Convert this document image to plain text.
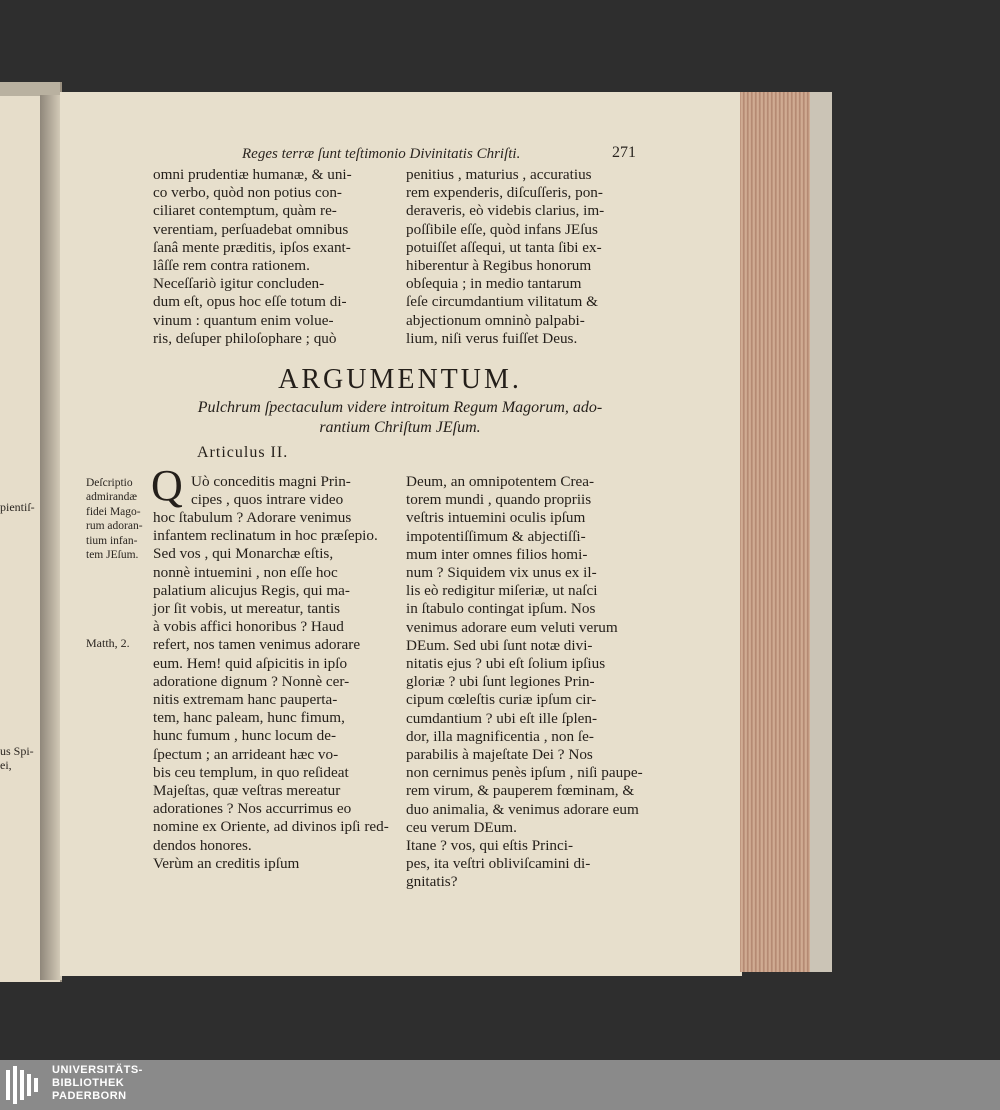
pientiſ-
us Spi-
ei,
Reges terræ ſunt teſtimonio Divinitatis Chriſti.	271
omni prudentiæ humanæ, & uni-
co verbo, quòd non potius con-
ciliaret contemptum, quàm re-
verentiam, perſuadebat omnibus
ſanâ mente præditis, ipſos exant-
lâſſe rem contra rationem.
Neceſſariò igitur concluden-
dum eſt, opus hoc eſſe totum di-
vinum : quantum enim volue-
ris, deſuper philoſophare ; quò
penitius , maturius , accuratius
rem expenderis, diſcuſſeris, pon-
deraveris, eò videbis clarius, im-
poſſibile eſſe, quòd infans JEſus
potuiſſet aſſequi, ut tanta ſibi ex-
hiberentur à Regibus honorum
obſequia ; in medio tantarum
ſeſe circumdantium vilitatum &
abjectionum omninò palpabi-
lium, niſi verus fuiſſet Deus.
ARGUMENTUM.
Pulchrum ſpectaculum videre introitum Regum Magorum, ado-
rantium Chriſtum JEſum.
Articulus II.
Deſcriptio
admirandæ
fidei Mago-
rum adoran-
tium infan-
tem JEſum.
Matth, 2.
Q Uò conceditis magni Prin-
cipes , quos intrare video
hoc ſtabulum ? Adorare venimus
infantem reclinatum in hoc præſepio.
Sed vos , qui Monarchæ eſtis,
nonnè intuemini , non eſſe hoc
palatium alicujus Regis, qui ma-
jor ſit vobis, ut mereatur, tantis
à vobis affici honoribus ? Haud
refert, nos tamen venimus adorare
eum. Hem! quid aſpicitis in ipſo
adoratione dignum ? Nonnè cer-
nitis extremam hanc pauperta-
tem, hanc paleam, hunc fimum,
hunc fumum , hunc locum de-
ſpectum ; an arrideant hæc vo-
bis ceu templum, in quo reſideat
Majeſtas, quæ veſtras mereatur
adorationes ? Nos accurrimus eo
nomine ex Oriente, ad divinos ipſi red-
dendos honores.
Verùm an creditis ipſum
Deum, an omnipotentem Crea-
torem mundi , quando propriis
veſtris intuemini oculis ipſum
impotentiſſimum & abjectiſſi-
mum inter omnes filios homi-
num ? Siquidem vix unus ex il-
lis eò redigitur miſeriæ, ut naſci
in ſtabulo contingat ipſum. Nos
venimus adorare eum veluti verum
DEum. Sed ubi ſunt notæ divi-
nitatis ejus ? ubi eſt ſolium ipſius
gloriæ ? ubi ſunt legiones Prin-
cipum cœleſtis curiæ ipſum cir-
cumdantium ? ubi eſt ille ſplen-
dor, illa magnificentia , non ſe-
parabilis à majeſtate Dei ? Nos
non cernimus penès ipſum , niſi paupe-
rem virum, & pauperem fœminam, &
duo animalia, & venimus adorare eum
ceu verum DEum.
Itane ? vos, qui eſtis Princi-
pes, ita veſtri obliviſcamini di-
gnitatis?
UNIVERSITÄTS-
BIBLIOTHEK
PADERBORN
